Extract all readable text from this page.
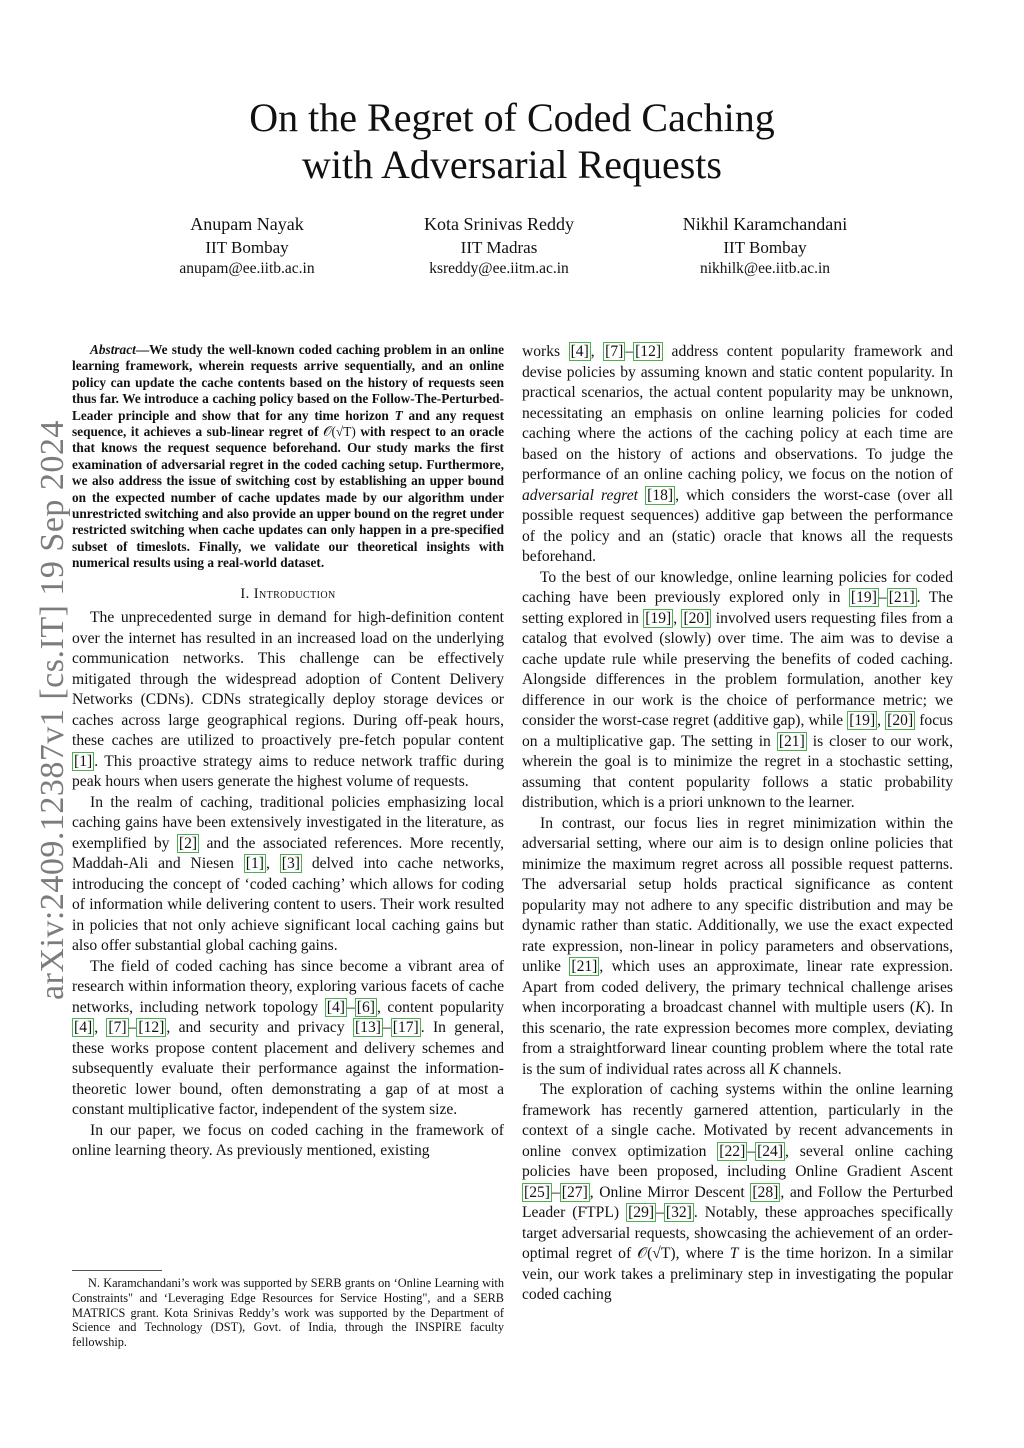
arXiv:2409.12387v1 [cs.IT] 19 Sep 2024
On the Regret of Coded Caching
with Adversarial Requests
Anupam Nayak
IIT Bombay
anupam@ee.iitb.ac.in
Kota Srinivas Reddy
IIT Madras
ksreddy@ee.iitm.ac.in
Nikhil Karamchandani
IIT Bombay
nikhilk@ee.iitb.ac.in

Abstract—We study the well-known coded caching problem in an online learning framework, wherein requests arrive sequentially, and an online policy can update the cache contents based on the history of requests seen thus far. We introduce a caching policy based on the Follow-The-Perturbed-Leader principle and show that for any time horizon T and any request sequence, it achieves a sub-linear regret of 𝒪(√T) with respect to an oracle that knows the request sequence beforehand. Our study marks the first examination of adversarial regret in the coded caching setup. Furthermore, we also address the issue of switching cost by establishing an upper bound on the expected number of cache updates made by our algorithm under unrestricted switching and also provide an upper bound on the regret under restricted switching when cache updates can only happen in a pre-specified subset of timeslots. Finally, we validate our theoretical insights with numerical results using a real-world dataset.

I. Introduction

The unprecedented surge in demand for high-definition content over the internet has resulted in an increased load on the underlying communication networks. This challenge can be effectively mitigated through the widespread adoption of Content Delivery Networks (CDNs). CDNs strategically deploy storage devices or caches across large geographical regions. During off-peak hours, these caches are utilized to proactively pre-fetch popular content [1] . This proactive strategy aims to reduce network traffic during peak hours when users generate the highest volume of requests.

In the realm of caching, traditional policies emphasizing local caching gains have been extensively investigated in the literature, as exemplified by [2] and the associated references. More recently, Maddah-Ali and Niesen [1] , [3] delved into cache networks, introducing the concept of ‘coded caching’ which allows for coding of information while delivering content to users. Their work resulted in policies that not only achieve significant local caching gains but also offer substantial global caching gains.

The field of coded caching has since become a vibrant area of research within information theory, exploring various facets of cache networks, including network topology [4] – [6] , content popularity [4] , [7] – [12] , and security and privacy [13] – [17] . In general, these works propose content placement and delivery schemes and subsequently evaluate their performance against the information-theoretic lower bound, often demonstrating a gap of at most a constant multiplicative factor, independent of the system size.

In our paper, we focus on coded caching in the framework of online learning theory. As previously mentioned, existing

N. Karamchandani’s work was supported by SERB grants on ‘Online Learning with Constraints" and ‘Leveraging Edge Resources for Service Hosting", and a SERB MATRICS grant. Kota Srinivas Reddy’s work was supported by the Department of Science and Technology (DST), Govt. of India, through the INSPIRE faculty fellowship.

works [4] , [7] – [12] address content popularity framework and devise policies by assuming known and static content popularity. In practical scenarios, the actual content popularity may be unknown, necessitating an emphasis on online learning policies for coded caching where the actions of the caching policy at each time are based on the history of actions and observations. To judge the performance of an online caching policy, we focus on the notion of adversarial regret [18] , which considers the worst-case (over all possible request sequences) additive gap between the performance of the policy and an (static) oracle that knows all the requests beforehand.

To the best of our knowledge, online learning policies for coded caching have been previously explored only in [19] – [21] . The setting explored in [19] , [20] involved users requesting files from a catalog that evolved (slowly) over time. The aim was to devise a cache update rule while preserving the benefits of coded caching. Alongside differences in the problem formulation, another key difference in our work is the choice of performance metric; we consider the worst-case regret (additive gap), while [19] , [20] focus on a multiplicative gap. The setting in [21] is closer to our work, wherein the goal is to minimize the regret in a stochastic setting, assuming that content popularity follows a static probability distribution, which is a priori unknown to the learner.

In contrast, our focus lies in regret minimization within the adversarial setting, where our aim is to design online policies that minimize the maximum regret across all possible request patterns. The adversarial setup holds practical significance as content popularity may not adhere to any specific distribution and may be dynamic rather than static. Additionally, we use the exact expected rate expression, non-linear in policy parameters and observations, unlike [21] , which uses an approximate, linear rate expression. Apart from coded delivery, the primary technical challenge arises when incorporating a broadcast channel with multiple users (K). In this scenario, the rate expression becomes more complex, deviating from a straightforward linear counting problem where the total rate is the sum of individual rates across all K channels.

The exploration of caching systems within the online learning framework has recently garnered attention, particularly in the context of a single cache. Motivated by recent advancements in online convex optimization [22] – [24] , several online caching policies have been proposed, including Online Gradient Ascent [25] – [27] , Online Mirror Descent [28] , and Follow the Perturbed Leader (FTPL) [29] – [32] . Notably, these approaches specifically target adversarial requests, showcasing the achievement of an order-optimal regret of 𝒪(√T), where T is the time horizon. In a similar vein, our work takes a preliminary step in investigating the popular coded caching
